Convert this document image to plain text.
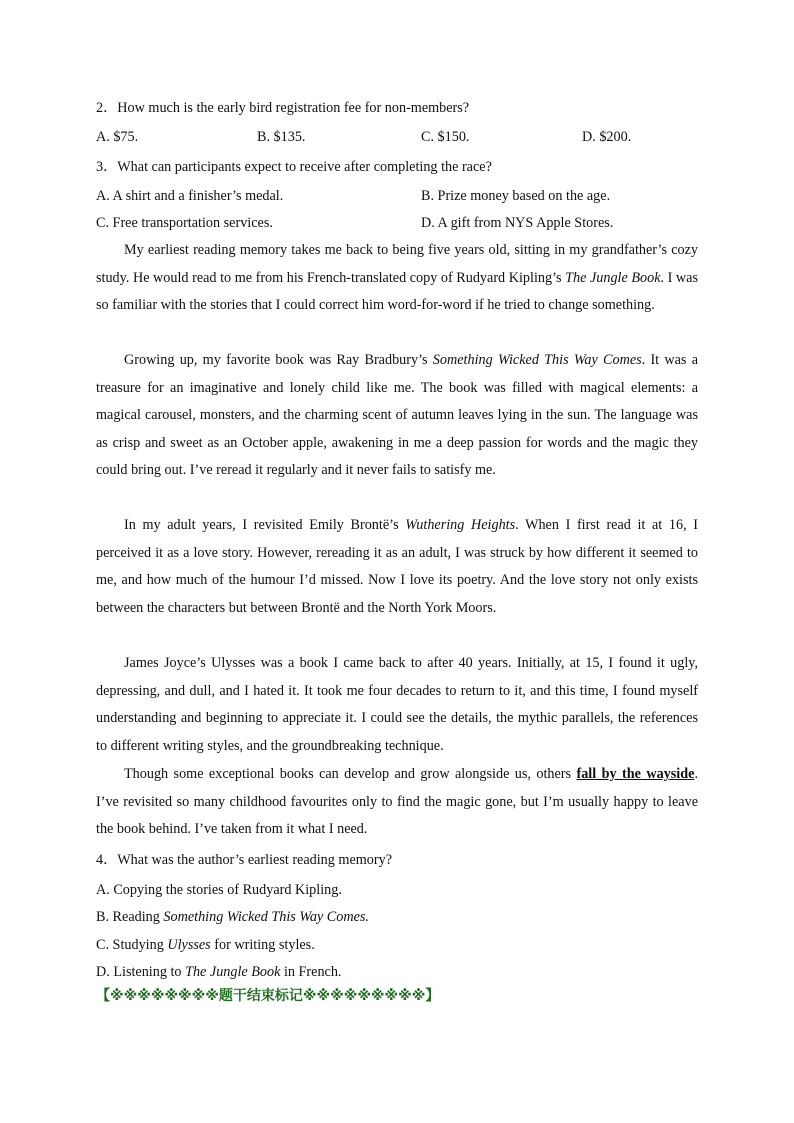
2．How much is the early bird registration fee for non-members?

A. $75.	B. $135.	C. $150.	D. $200.

3．What can participants expect to receive after completing the race?

A. A shirt and a finisher’s medal.	B. Prize money based on the age.
C. Free transportation services.	D. A gift from NYS Apple Stores.

My earliest reading memory takes me back to being five years old, sitting in my grandfather’s cozy study. He would read to me from his French-translated copy of Rudyard Kipling’s The Jungle Book. I was so familiar with the stories that I could correct him word-for-word if he tried to change something.

Growing up, my favorite book was Ray Bradbury’s Something Wicked This Way Comes. It was a treasure for an imaginative and lonely child like me. The book was filled with magical elements: a magical carousel, monsters, and the charming scent of autumn leaves lying in the sun. The language was as crisp and sweet as an October apple, awakening in me a deep passion for words and the magic they could bring out. I’ve reread it regularly and it never fails to satisfy me.

In my adult years, I revisited Emily Brontë’s Wuthering Heights. When I first read it at 16, I perceived it as a love story. However, rereading it as an adult, I was struck by how different it seemed to me, and how much of the humour I’d missed. Now I love its poetry. And the love story not only exists between the characters but between Brontë and the North York Moors.

James Joyce’s Ulysses was a book I came back to after 40 years. Initially, at 15, I found it ugly, depressing, and dull, and I hated it. It took me four decades to return to it, and this time, I found myself understanding and beginning to appreciate it. I could see the details, the mythic parallels, the references to different writing styles, and the groundbreaking technique.

Though some exceptional books can develop and grow alongside us, others fall by the wayside. I’ve revisited so many childhood favourites only to find the magic gone, but I’m usually happy to leave the book behind. I’ve taken from it what I need.

4．What was the author’s earliest reading memory?

A. Copying the stories of Rudyard Kipling.

B. Reading Something Wicked This Way Comes.

C. Studying Ulysses for writing styles.

D. Listening to The Jungle Book in French.

【※※※※※※※※题干结束标记※※※※※※※※※】
